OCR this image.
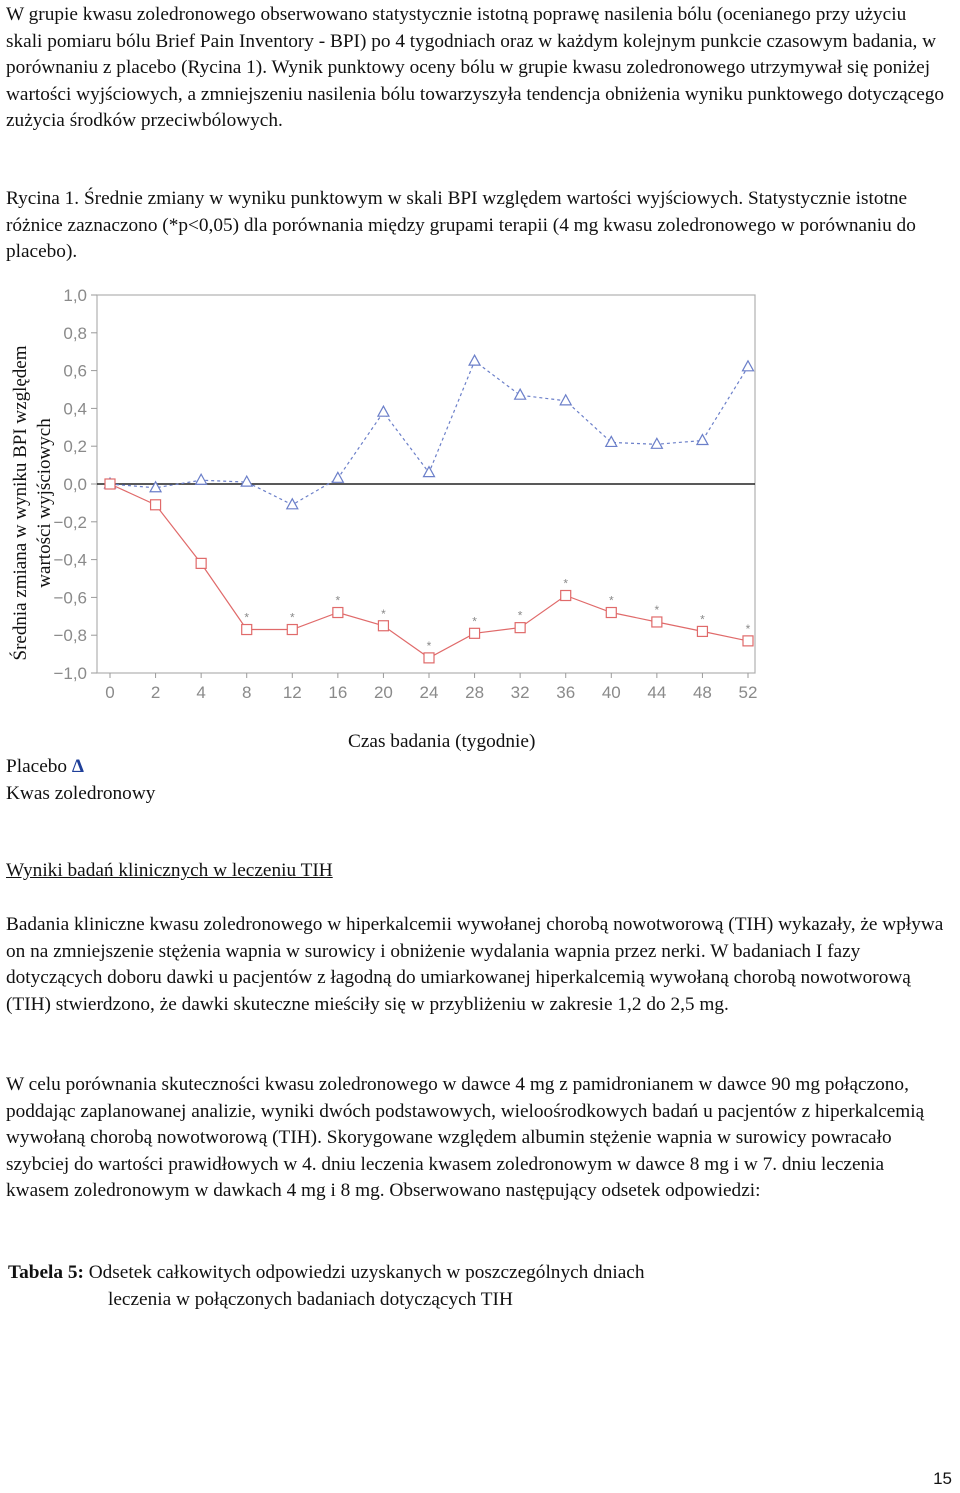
W grupie kwasu zoledronowego obserwowano statystycznie istotną poprawę nasilenia bólu (ocenianego przy użyciu skali pomiaru bólu Brief Pain Inventory - BPI) po 4 tygodniach oraz w każdym kolejnym punkcie czasowym badania, w porównaniu z placebo (Rycina 1). Wynik punktowy oceny bólu w grupie kwasu zoledronowego utrzymywał się poniżej wartości wyjściowych, a zmniejszeniu nasilenia bólu towarzyszyła tendencja obniżenia wyniku punktowego dotyczącego zużycia środków przeciwbólowych.

Rycina 1. Średnie zmiany w wyniku punktowym w skali BPI względem wartości wyjściowych. Statystycznie istotne różnice zaznaczono (*p<0,05) dla porównania między grupami terapii (4 mg kwasu zoledronowego w porównaniu do placebo).

Średnia zmiana w wyniku BPI względem wartości wyjściowych
1,0
0,8
0,6
0,4
0,2
0,0
−0,2
−0,4
−0,6
−0,8
−1,0
0 2 4 8 12 16 20 24 28 32 36 40 44 48 52
*	*
*
*
*
*	*
*
*
*
*
*

Czas badania (tygodnie)

Placebo Δ

Kwas zoledronowy

Wyniki badań klinicznych w leczeniu TIH

Badania kliniczne kwasu zoledronowego w hiperkalcemii wywołanej chorobą nowotworową (TIH) wykazały, że wpływa on na zmniejszenie stężenia wapnia w surowicy i obniżenie wydalania wapnia przez nerki. W badaniach I fazy dotyczących doboru dawki u pacjentów z łagodną do umiarkowanej hiperkalcemią wywołaną chorobą nowotworową (TIH) stwierdzono, że dawki skuteczne mieściły się w przybliżeniu w zakresie 1,2 do 2,5 mg.

W celu porównania skuteczności kwasu zoledronowego w dawce 4 mg z pamidronianem w dawce 90 mg połączono, poddając zaplanowanej analizie, wyniki dwóch podstawowych, wieloośrodkowych badań u pacjentów z hiperkalcemią wywołaną chorobą nowotworową (TIH). Skorygowane względem albumin stężenie wapnia w surowicy powracało szybciej do wartości prawidłowych w 4. dniu leczenia kwasem zoledronowym w dawce 8 mg i w 7. dniu leczenia kwasem zoledronowym w dawkach 4 mg i 8 mg. Obserwowano następujący odsetek odpowiedzi:

Tabela 5: Odsetek całkowitych odpowiedzi uzyskanych w poszczególnych dniach
leczenia w połączonych badaniach dotyczących TIH

15
